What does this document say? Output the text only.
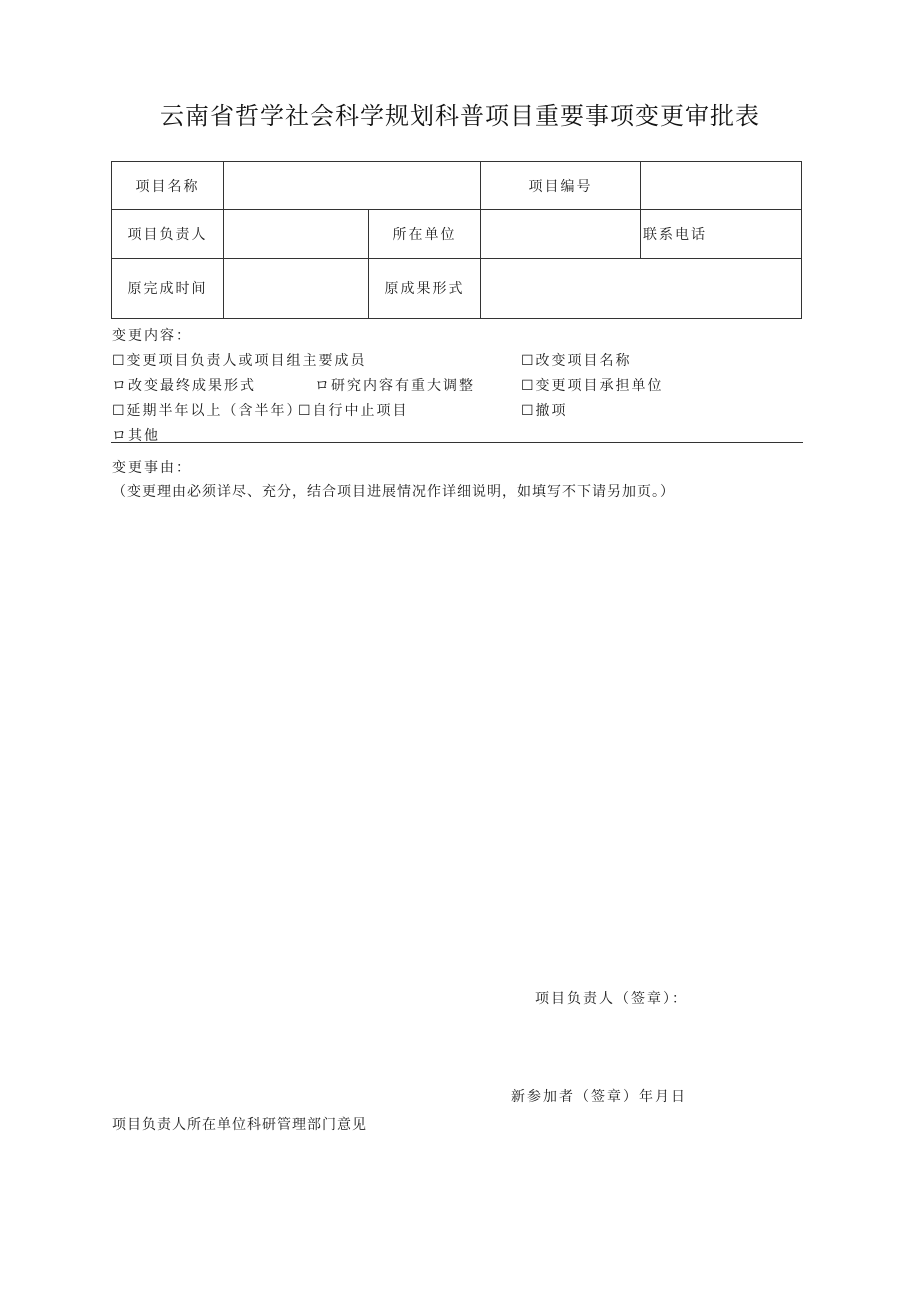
云南省哲学社会科学规划科普项目重要事项变更审批表
项目名称			项目编号	
项目负责人		所在单位		联系电话
原完成时间		原成果形式		
变更内容：
☐变更项目负责人或项目组主要成员	☐改变项目名称
ロ改变最终成果形式	ロ研究内容有重大调整	☐变更项目承担单位
☐延期半年以上（含半年）
☐自行中止项目	☐撤项
ロ其他
变更事由：
（变更理由必须详尽、充分，结合项目进展情况作详细说明，如填写不下请另加页。）
项目负责人（签章）：
新参加者（签章）年月日
项目负责人所在单位科研管理部门意见
